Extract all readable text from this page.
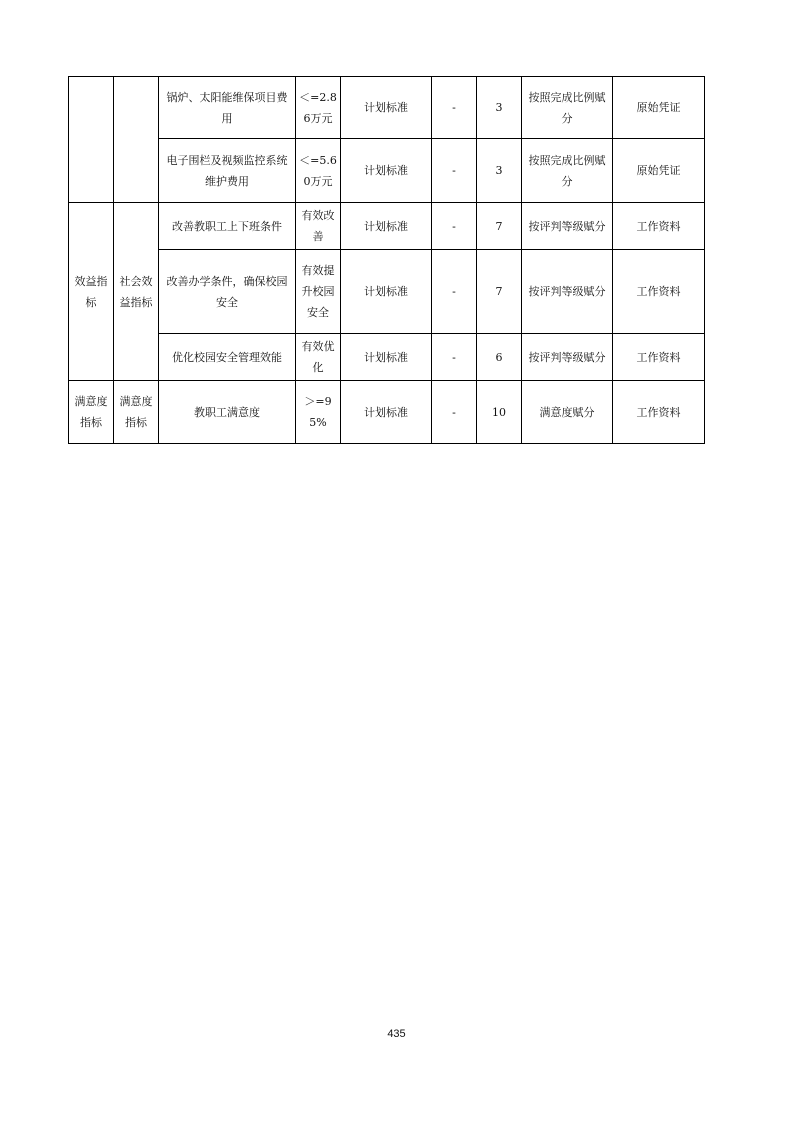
		锅炉、太阳能维保项目费用	＜=2.86万元	计划标准	-	3	按照完成比例赋分	原始凭证
		电子围栏及视频监控系统维护费用	＜=5.60万元	计划标准	-	3	按照完成比例赋分	原始凭证
效益指标	社会效益指标	改善教职工上下班条件	有效改善	计划标准	-	7	按评判等级赋分	工作资料
		改善办学条件，确保校园安全	有效提升校园安全	计划标准	-	7	按评判等级赋分	工作资料
		优化校园安全管理效能	有效优化	计划标准	-	6	按评判等级赋分	工作资料
满意度指标	满意度指标	教职工满意度	＞=95%	计划标准	-	10	满意度赋分	工作资料
435
